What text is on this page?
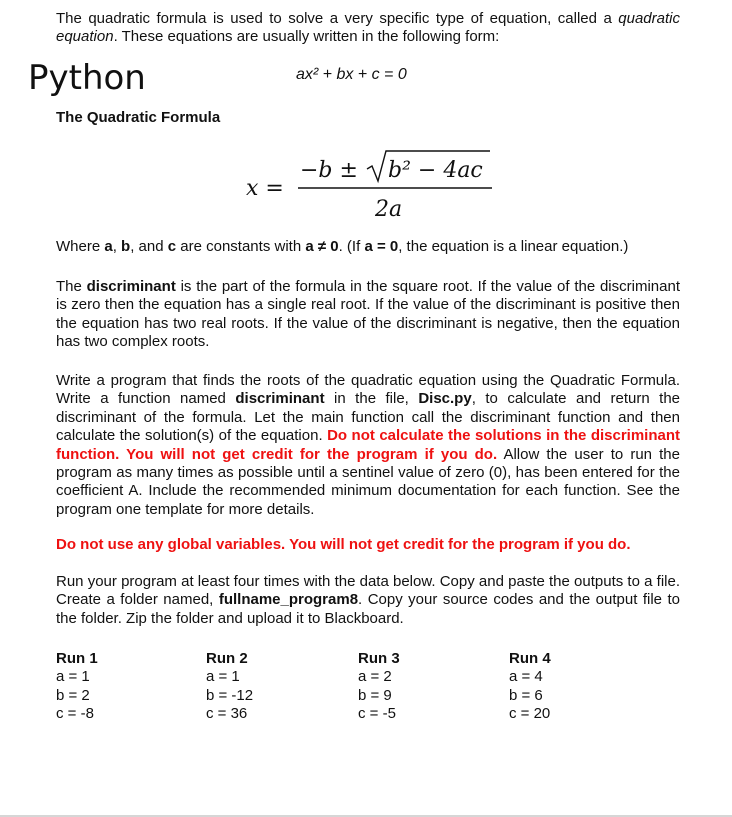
The quadratic formula is used to solve a very specific type of equation, called a quadratic equation. These equations are usually written in the following form:

Python	ax² + bx + c = 0
The Quadratic Formula
x =
−b ± b² − 4ac
2a

Where a, b, and c are constants with a ≠ 0. (If a = 0, the equation is a linear equation.)

The discriminant is the part of the formula in the square root. If the value of the discriminant is zero then the equation has a single real root. If the value of the discriminant is positive then the equation has two real roots. If the value of the discriminant is negative, then the equation has two complex roots.

Write a program that finds the roots of the quadratic equation using the Quadratic Formula. Write a function named discriminant in the file, Disc.py, to calculate and return the discriminant of the formula. Let the main function call the discriminant function and then calculate the solution(s) of the equation. Do not calculate the solutions in the discriminant function. You will not get credit for the program if you do. Allow the user to run the program as many times as possible until a sentinel value of zero (0), has been entered for the coefficient A. Include the recommended minimum documentation for each function. See the program one template for more details.

Do not use any global variables. You will not get credit for the program if you do.

Run your program at least four times with the data below. Copy and paste the outputs to a file. Create a folder named, fullname_program8. Copy your source codes and the output file to the folder. Zip the folder and upload it to Blackboard.

Run 1
a = 1
b = 2
c = -8
Run 2
a = 1
b = -12
c = 36
Run 3
a = 2
b = 9
c = -5
Run 4
a = 4
b = 6
c = 20
